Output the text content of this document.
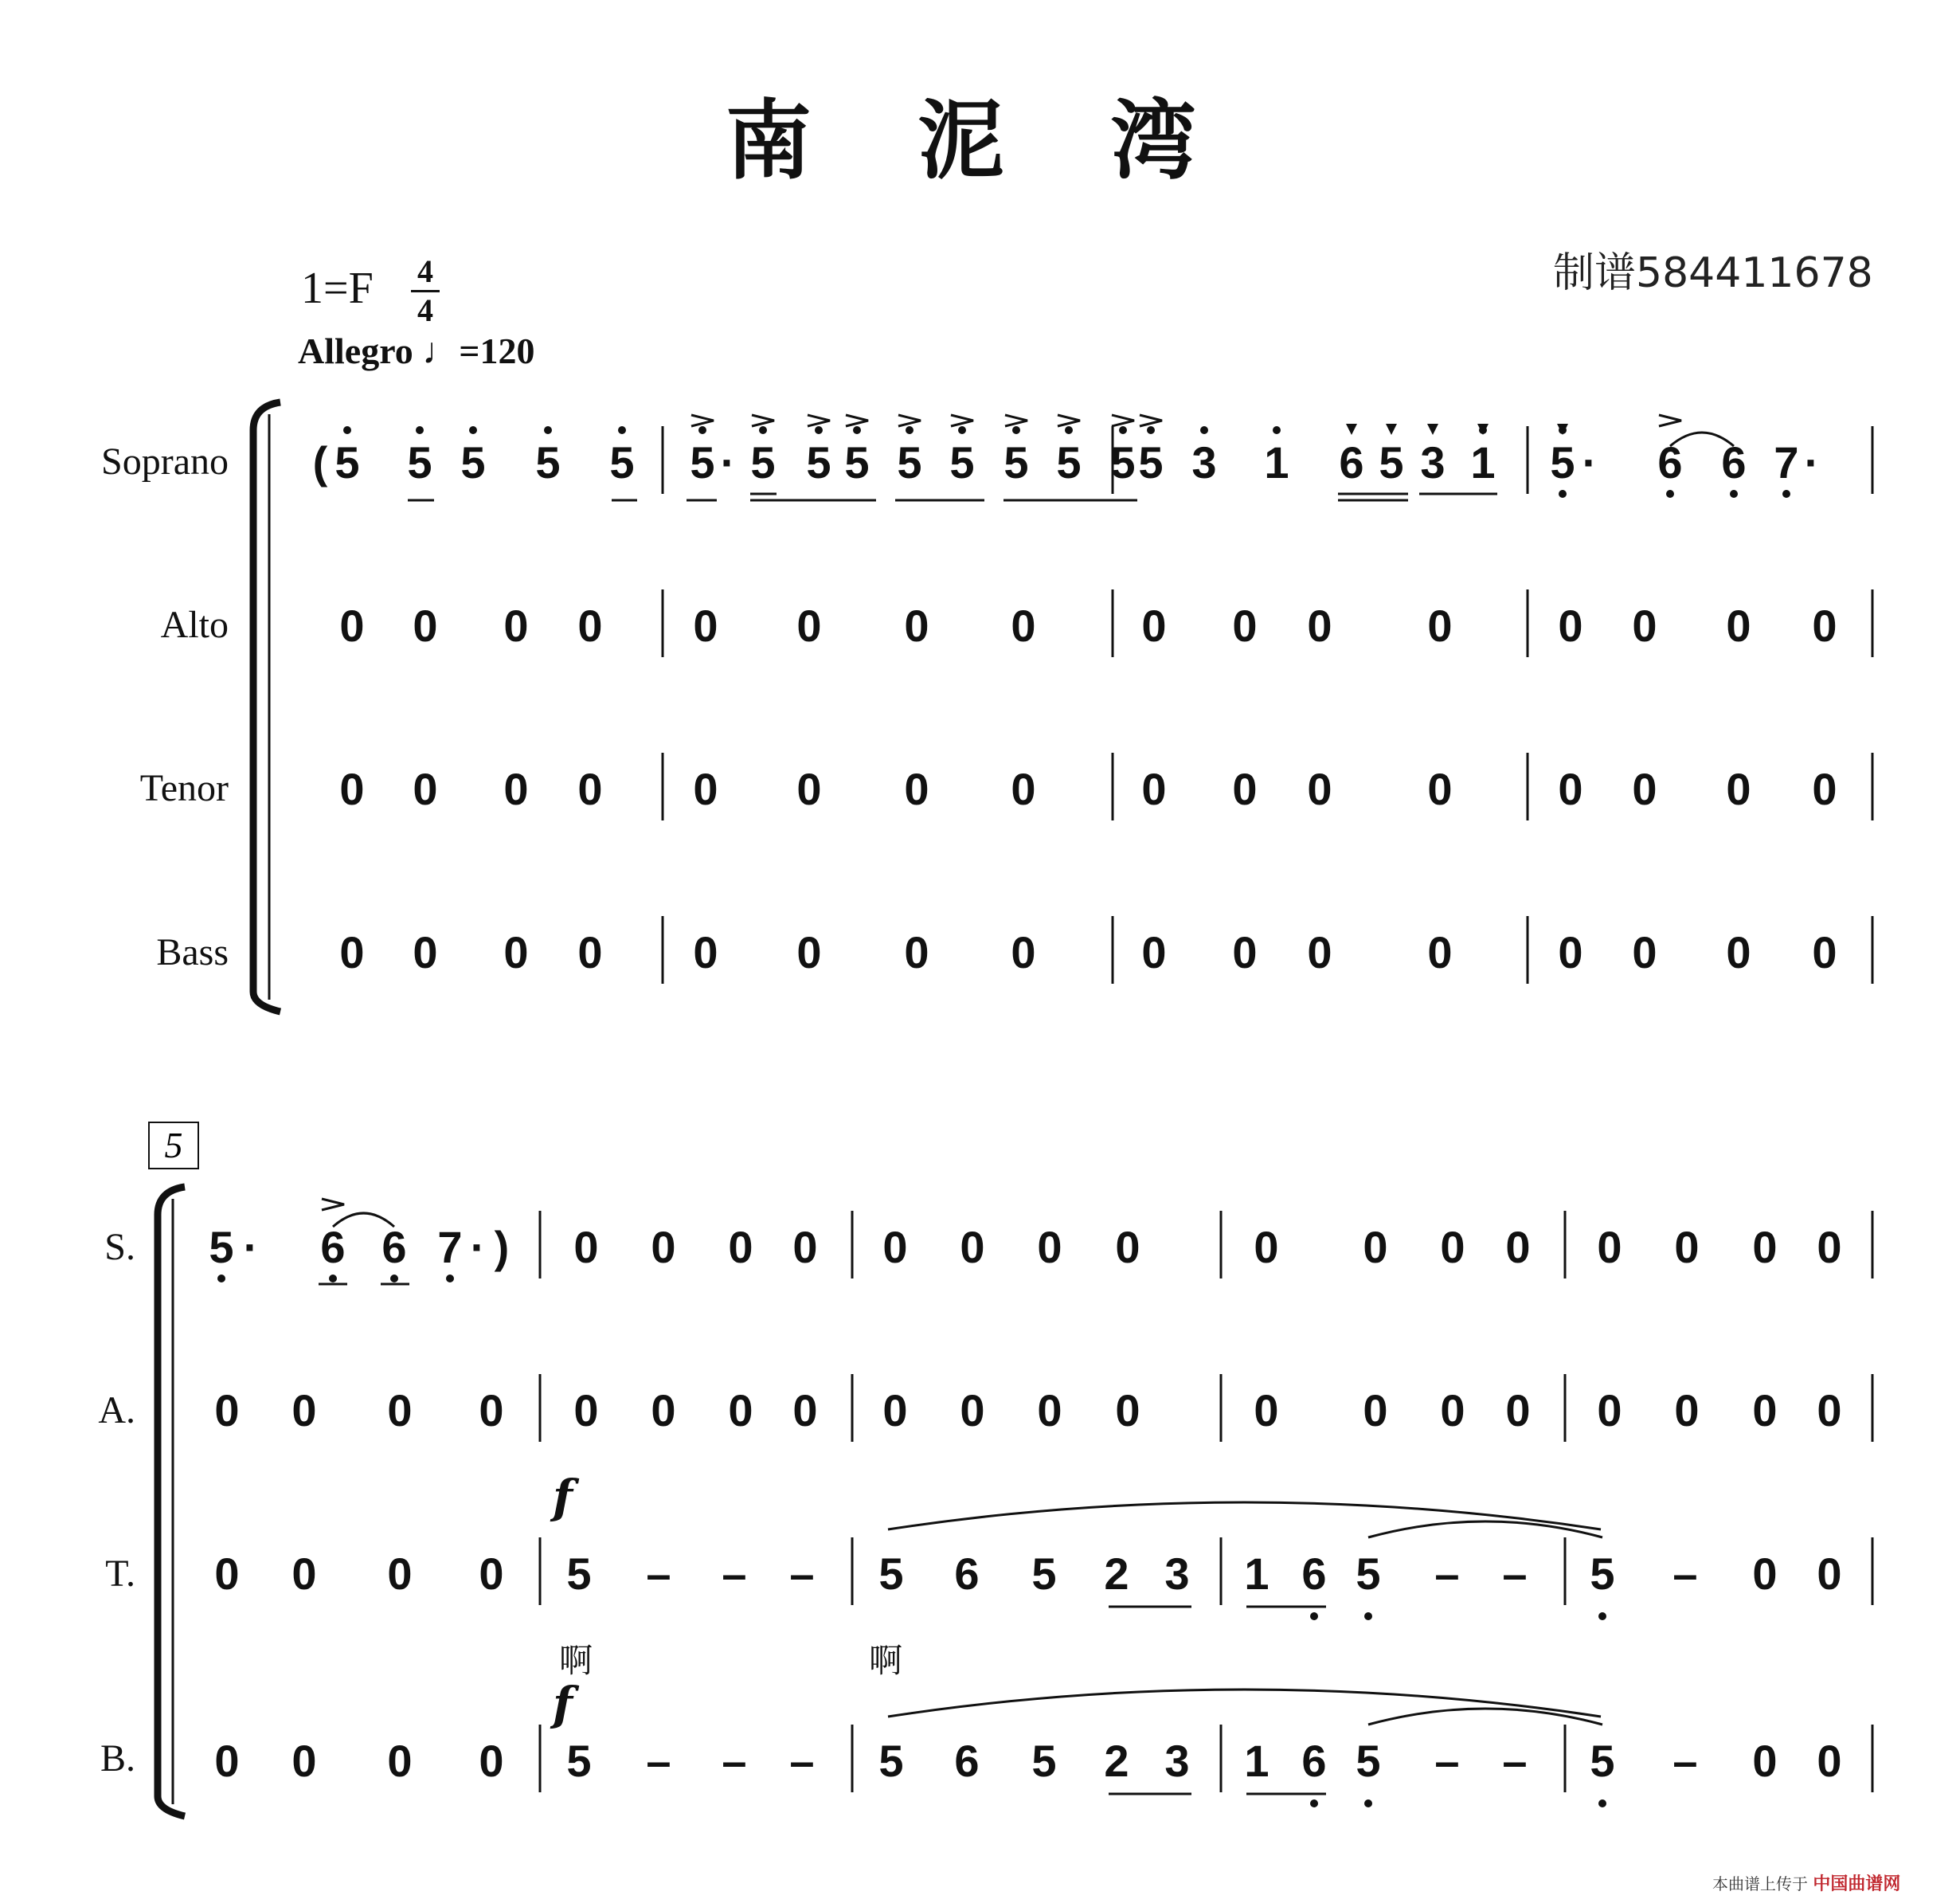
南 泥 湾
制谱584411678
1=F 4
4
Allegro ♩=120
Soprano
Alto
Tenor
Bass
5
S.
A.
T.
B.
f
f
啊	啊
本曲谱上传于 中国曲谱网
( 5 5 5 5 5 5 · 5 5 5 5 5 5 5 5 5 3 1 6 5 3 1 5 · 6 6 7 ·
0 0 0 0 0 0 0 0 0 0 0 0 0 0 0 0
0 0 0 0 0 0 0 0 0 0 0 0 0 0 0 0
0 0 0 0 0 0 0 0 0 0 0 0 0 0 0 0
5 · 6 6 7 · ) 0 0 0 0 0 0 0 0	0 0 0 0 0 0 0 0
0 0 0 0 0 0 0 0 0 0 0 0	0 0 0 0 0 0 0 0
0 0 0 0 5 – – – 5 6 5 2 3 1 6 5 – – 5 – 0 0
0 0 0 0 5 – – – 5 6 5 2 3 1 6 5 – – 5 – 0 0
